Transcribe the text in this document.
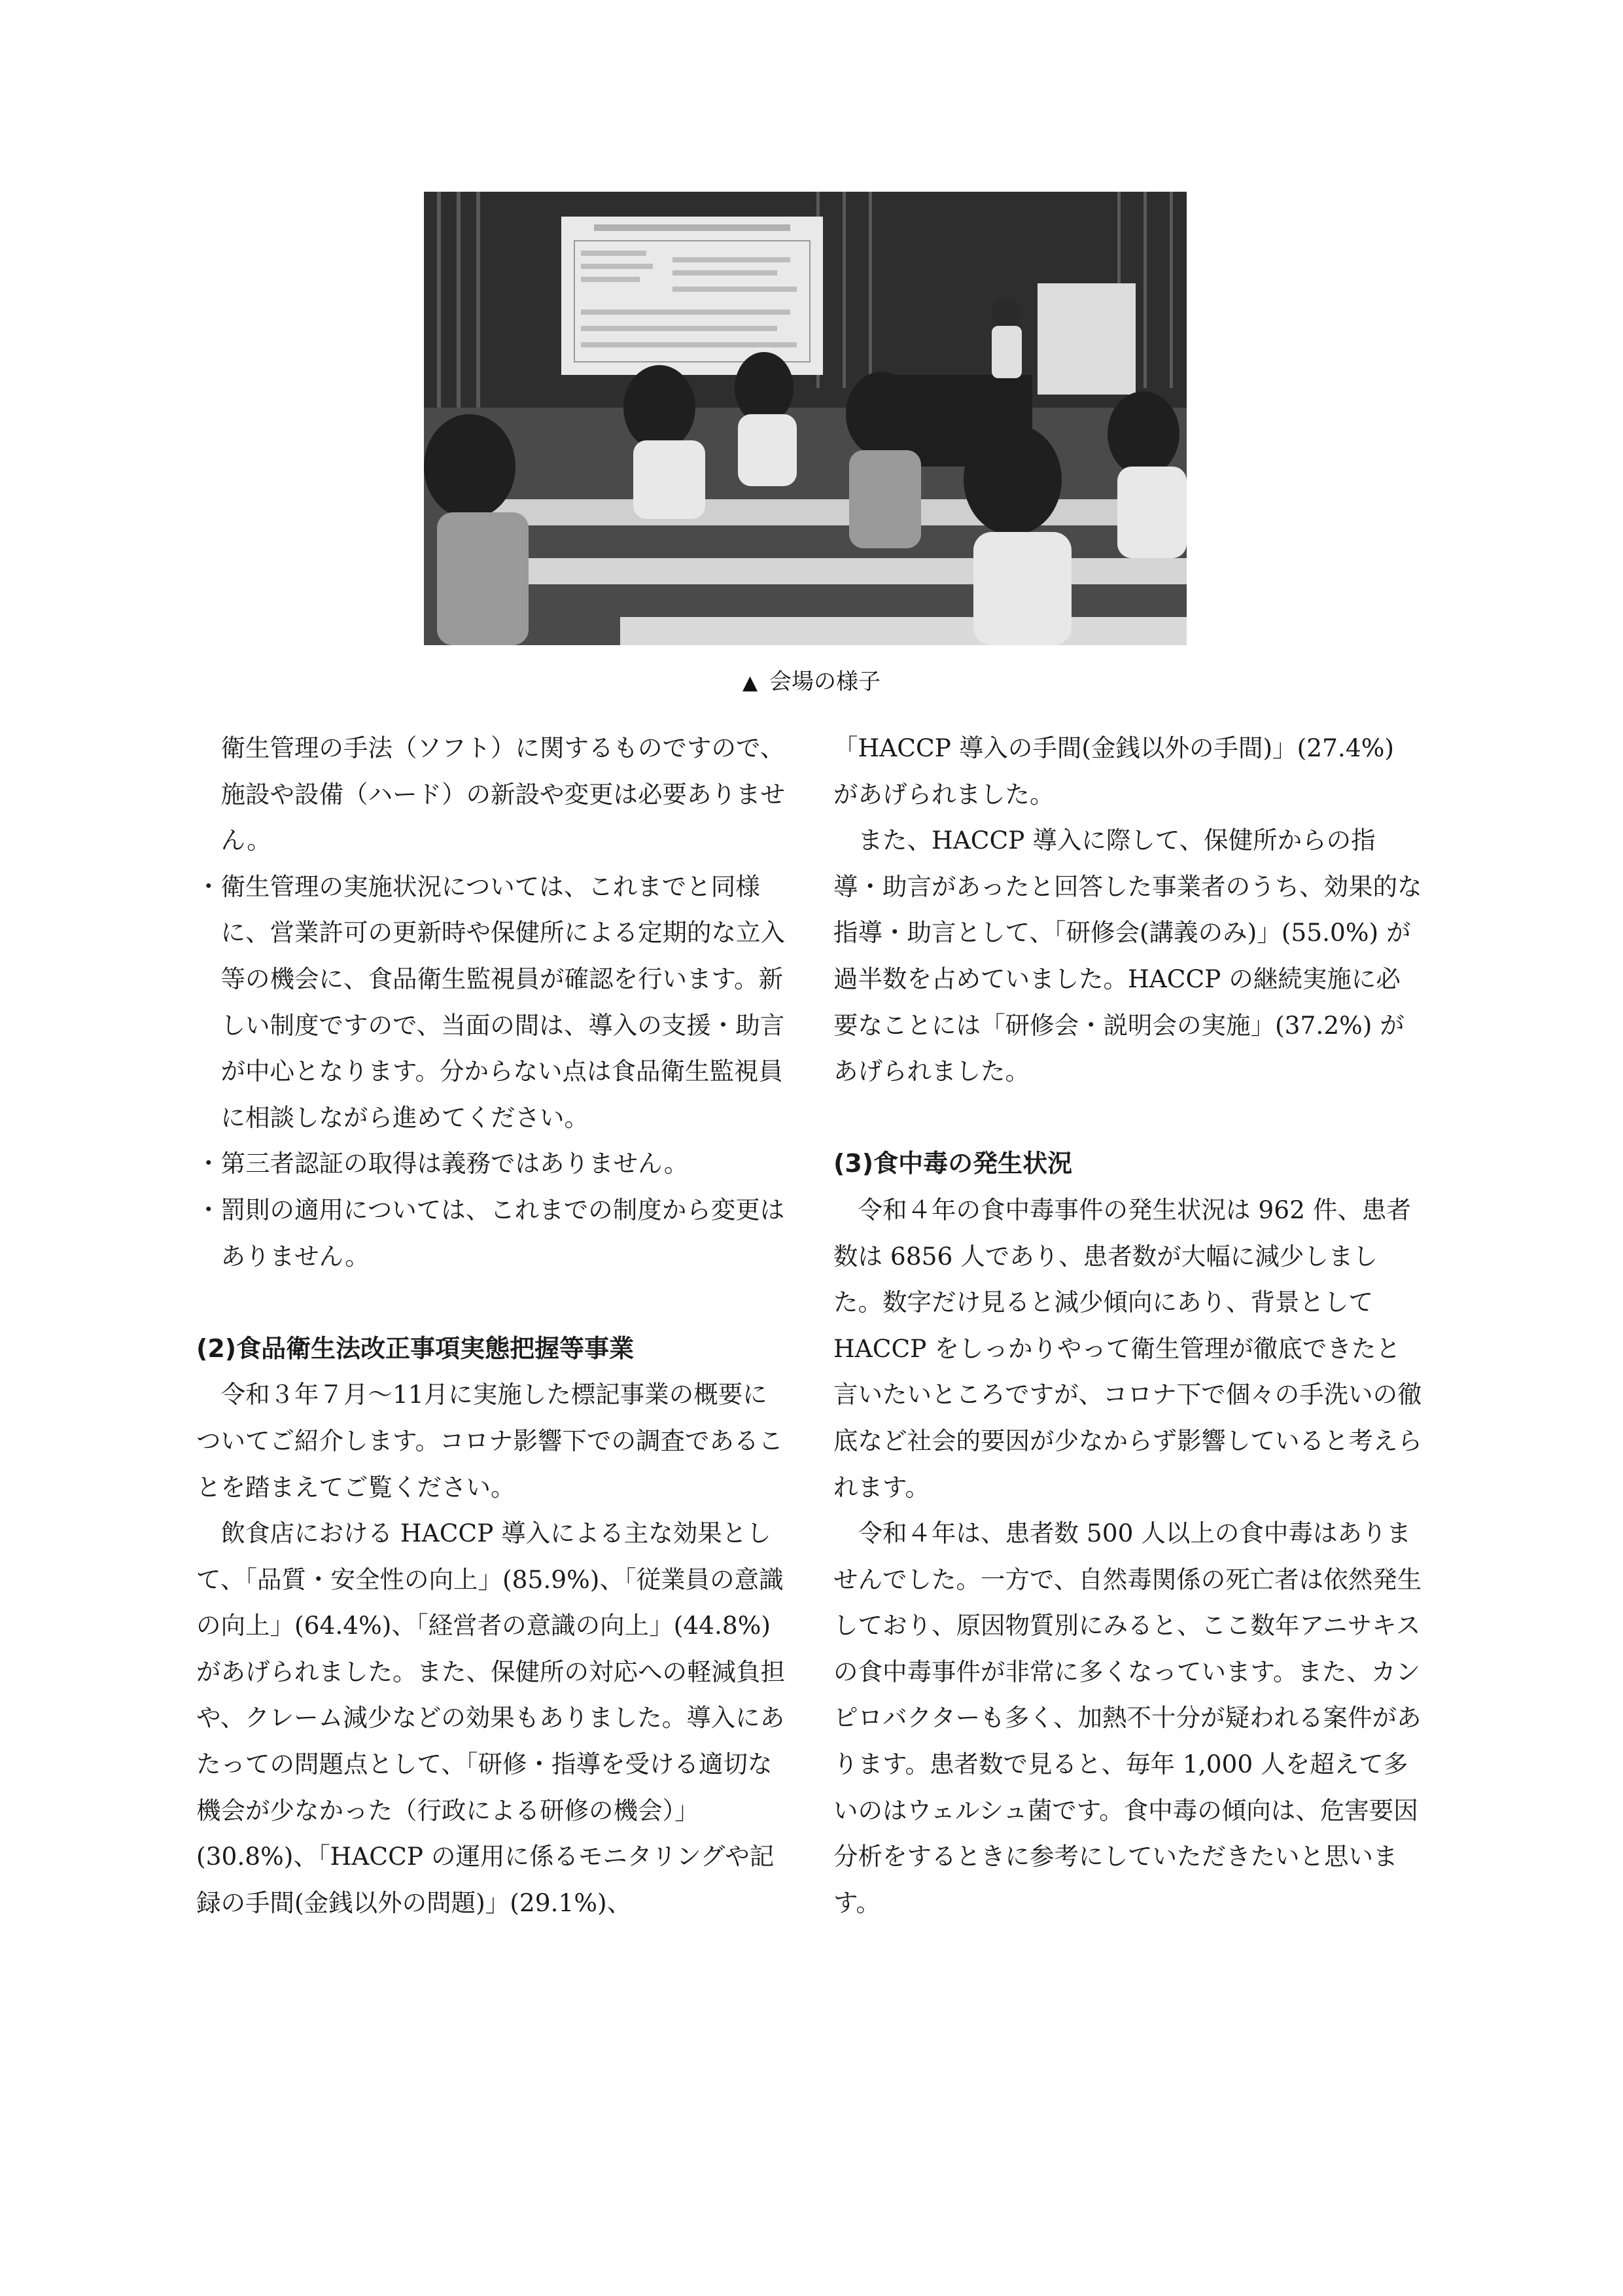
▲ 会場の様子

衛生管理の手法（ソフト）に関するものですので、施設や設備（ハード）の新設や変更は必要ありません。

・衛生管理の実施状況については、これまでと同様に、営業許可の更新時や保健所による定期的な立入等の機会に、食品衛生監視員が確認を行います。新しい制度ですので、当面の間は、導入の支援・助言が中心となります。分からない点は食品衛生監視員に相談しながら進めてください。

・第三者認証の取得は義務ではありません。

・罰則の適用については、これまでの制度から変更はありません。

(2)食品衛生法改正事項実態把握等事業

令和３年７月〜11月に実施した標記事業の概要についてご紹介します。コロナ影響下での調査であることを踏まえてご覧ください。

飲食店における HACCP 導入による主な効果として、「品質・安全性の向上」(85.9%)、「従業員の意識の向上」(64.4%)、「経営者の意識の向上」(44.8%) があげられました。また、保健所の対応への軽減負担や、クレーム減少などの効果もありました。導入にあたっての問題点として、「研修・指導を受ける適切な機会が少なかった（行政による研修の機会）」(30.8%)、「HACCP の運用に係るモニタリングや記録の手間(金銭以外の問題)」(29.1%)、

「HACCP 導入の手間(金銭以外の手間)」(27.4%) があげられました。

また、HACCP 導入に際して、保健所からの指導・助言があったと回答した事業者のうち、効果的な指導・助言として、「研修会(講義のみ)」(55.0%) が過半数を占めていました。HACCP の継続実施に必要なことには「研修会・説明会の実施」(37.2%) があげられました。

(3)食中毒の発生状況

令和４年の食中毒事件の発生状況は 962 件、患者数は 6856 人であり、患者数が大幅に減少しました。数字だけ見ると減少傾向にあり、背景として HACCP をしっかりやって衛生管理が徹底できたと言いたいところですが、コロナ下で個々の手洗いの徹底など社会的要因が少なからず影響していると考えられます。

令和４年は、患者数 500 人以上の食中毒はありませんでした。一方で、自然毒関係の死亡者は依然発生しており、原因物質別にみると、ここ数年アニサキスの食中毒事件が非常に多くなっています。また、カンピロバクターも多く、加熱不十分が疑われる案件があります。患者数で見ると、毎年 1,000 人を超えて多いのはウェルシュ菌です。食中毒の傾向は、危害要因分析をするときに参考にしていただきたいと思います。
